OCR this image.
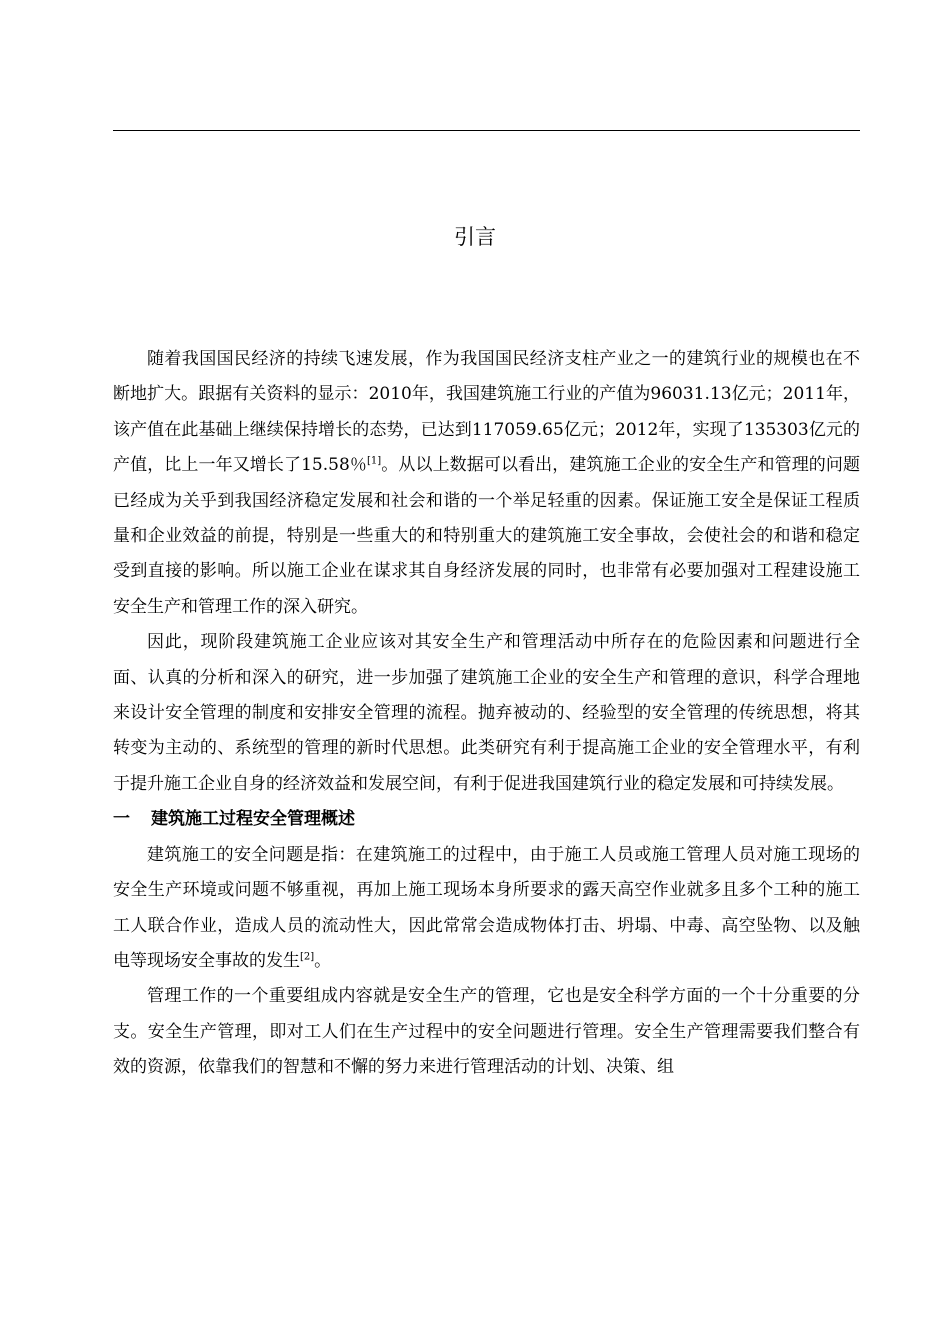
引言

随着我国国民经济的持续飞速发展，作为我国国民经济支柱产业之一的建筑行业的规模也在不断地扩大。跟据有关资料的显示：2010年，我国建筑施工行业的产值为96031.13亿元；2011年，该产值在此基础上继续保持增长的态势，已达到117059.65亿元；2012年，实现了135303亿元的产值，比上一年又增长了15.58％[1]。从以上数据可以看出，建筑施工企业的安全生产和管理的问题已经成为关乎到我国经济稳定发展和社会和谐的一个举足轻重的因素。保证施工安全是保证工程质量和企业效益的前提，特别是一些重大的和特别重大的建筑施工安全事故，会使社会的和谐和稳定受到直接的影响。所以施工企业在谋求其自身经济发展的同时，也非常有必要加强对工程建设施工安全生产和管理工作的深入研究。

因此，现阶段建筑施工企业应该对其安全生产和管理活动中所存在的危险因素和问题进行全面、认真的分析和深入的研究，进一步加强了建筑施工企业的安全生产和管理的意识，科学合理地来设计安全管理的制度和安排安全管理的流程。抛弃被动的、经验型的安全管理的传统思想，将其转变为主动的、系统型的管理的新时代思想。此类研究有利于提高施工企业的安全管理水平，有利于提升施工企业自身的经济效益和发展空间，有利于促进我国建筑行业的稳定发展和可持续发展。

一 建筑施工过程安全管理概述

建筑施工的安全问题是指：在建筑施工的过程中，由于施工人员或施工管理人员对施工现场的安全生产环境或问题不够重视，再加上施工现场本身所要求的露天高空作业就多且多个工种的施工工人联合作业，造成人员的流动性大，因此常常会造成物体打击、坍塌、中毒、高空坠物、以及触电等现场安全事故的发生[2]。

管理工作的一个重要组成内容就是安全生产的管理，它也是安全科学方面的一个十分重要的分支。安全生产管理，即对工人们在生产过程中的安全问题进行管理。安全生产管理需要我们整合有效的资源，依靠我们的智慧和不懈的努力来进行管理活动的计划、决策、组
